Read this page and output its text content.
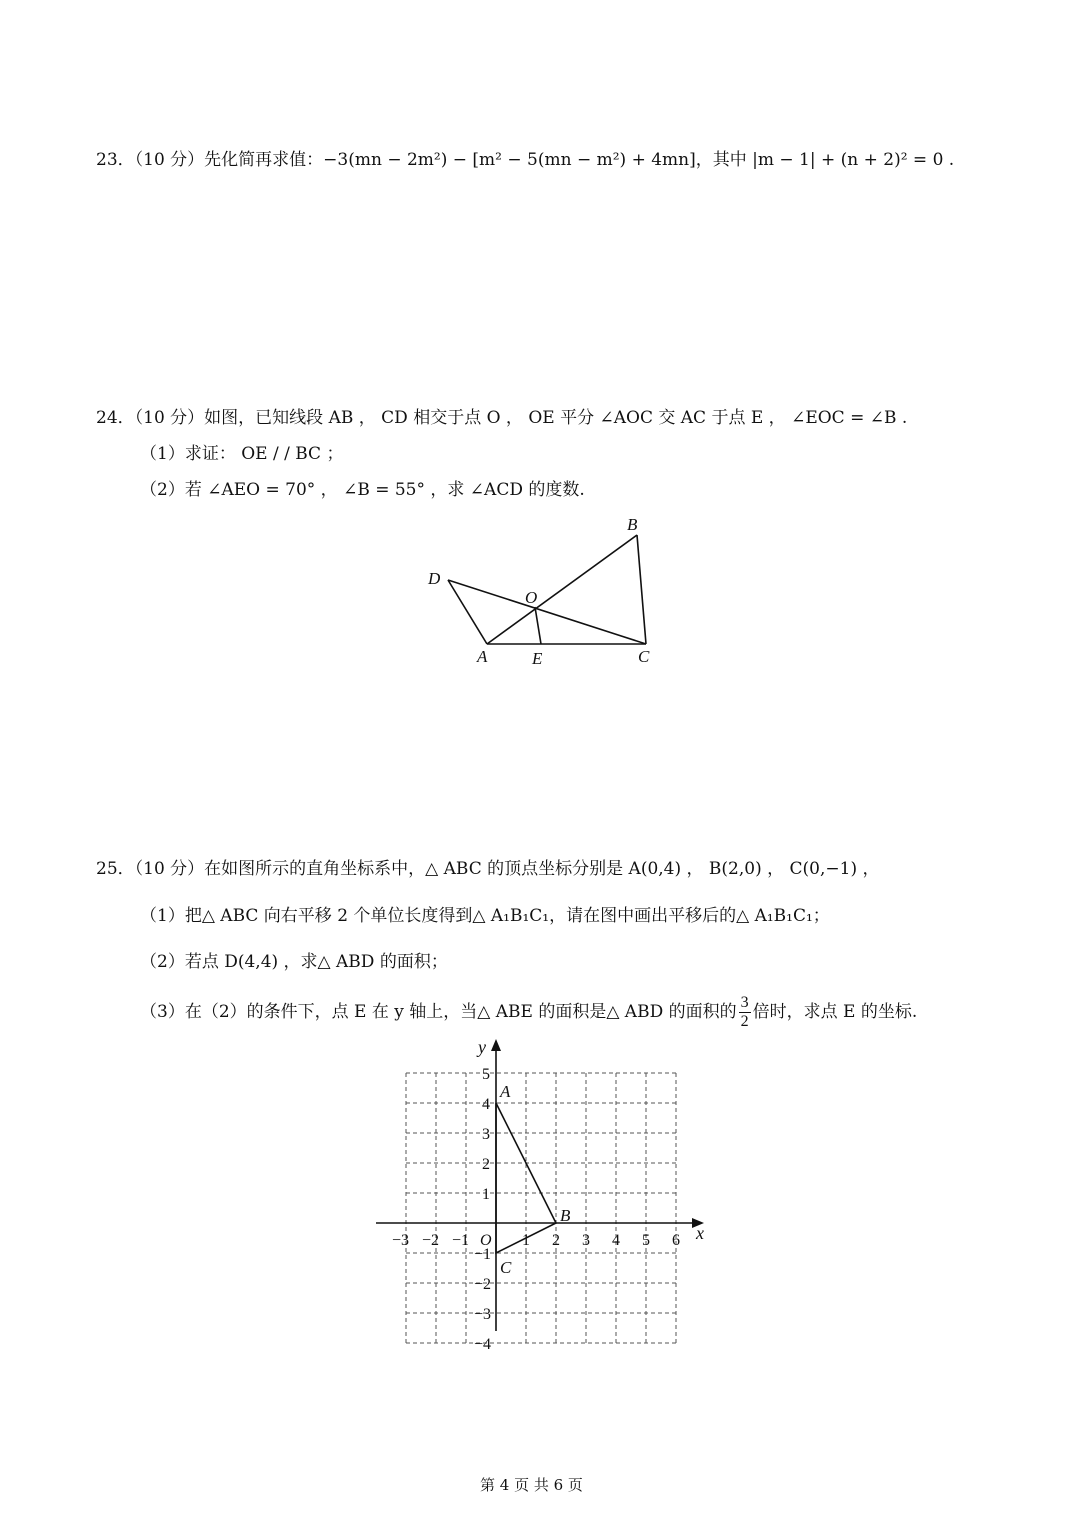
23．（10 分）先化简再求值：−3(mn − 2m²) − [m² − 5(mn − m²) + 4mn]，其中 |m − 1| + (n + 2)² = 0 .
24．（10 分）如图，已知线段 AB ， CD 相交于点 O ， OE 平分 ∠AOC 交 AC 于点 E ， ∠EOC = ∠B .
（1）求证： OE / / BC ；
（2）若 ∠AEO = 70° ， ∠B = 55° ，求 ∠ACD 的度数.
B
D
O
A	E	C
25．（10 分）在如图所示的直角坐标系中，△ ABC 的顶点坐标分别是 A(0,4) ， B(2,0) ， C(0,−1) ，
（1）把△ ABC 向右平移 2 个单位长度得到△ A₁B₁C₁，请在图中画出平移后的△ A₁B₁C₁；
（2）若点 D(4,4) ，求△ ABD 的面积；
（3）在（2）的条件下，点 E 在 y 轴上，当△ ABE 的面积是△ ABD 的面积的 $\frac{3}{2}$ 倍时，求点 E 的坐标.
−3 −2 −1	1 2 3 4 5 6
5
4
3
2
1
−1
−2
−3
−4
O	x
y
A
B
C
第 4 页 共 6 页
